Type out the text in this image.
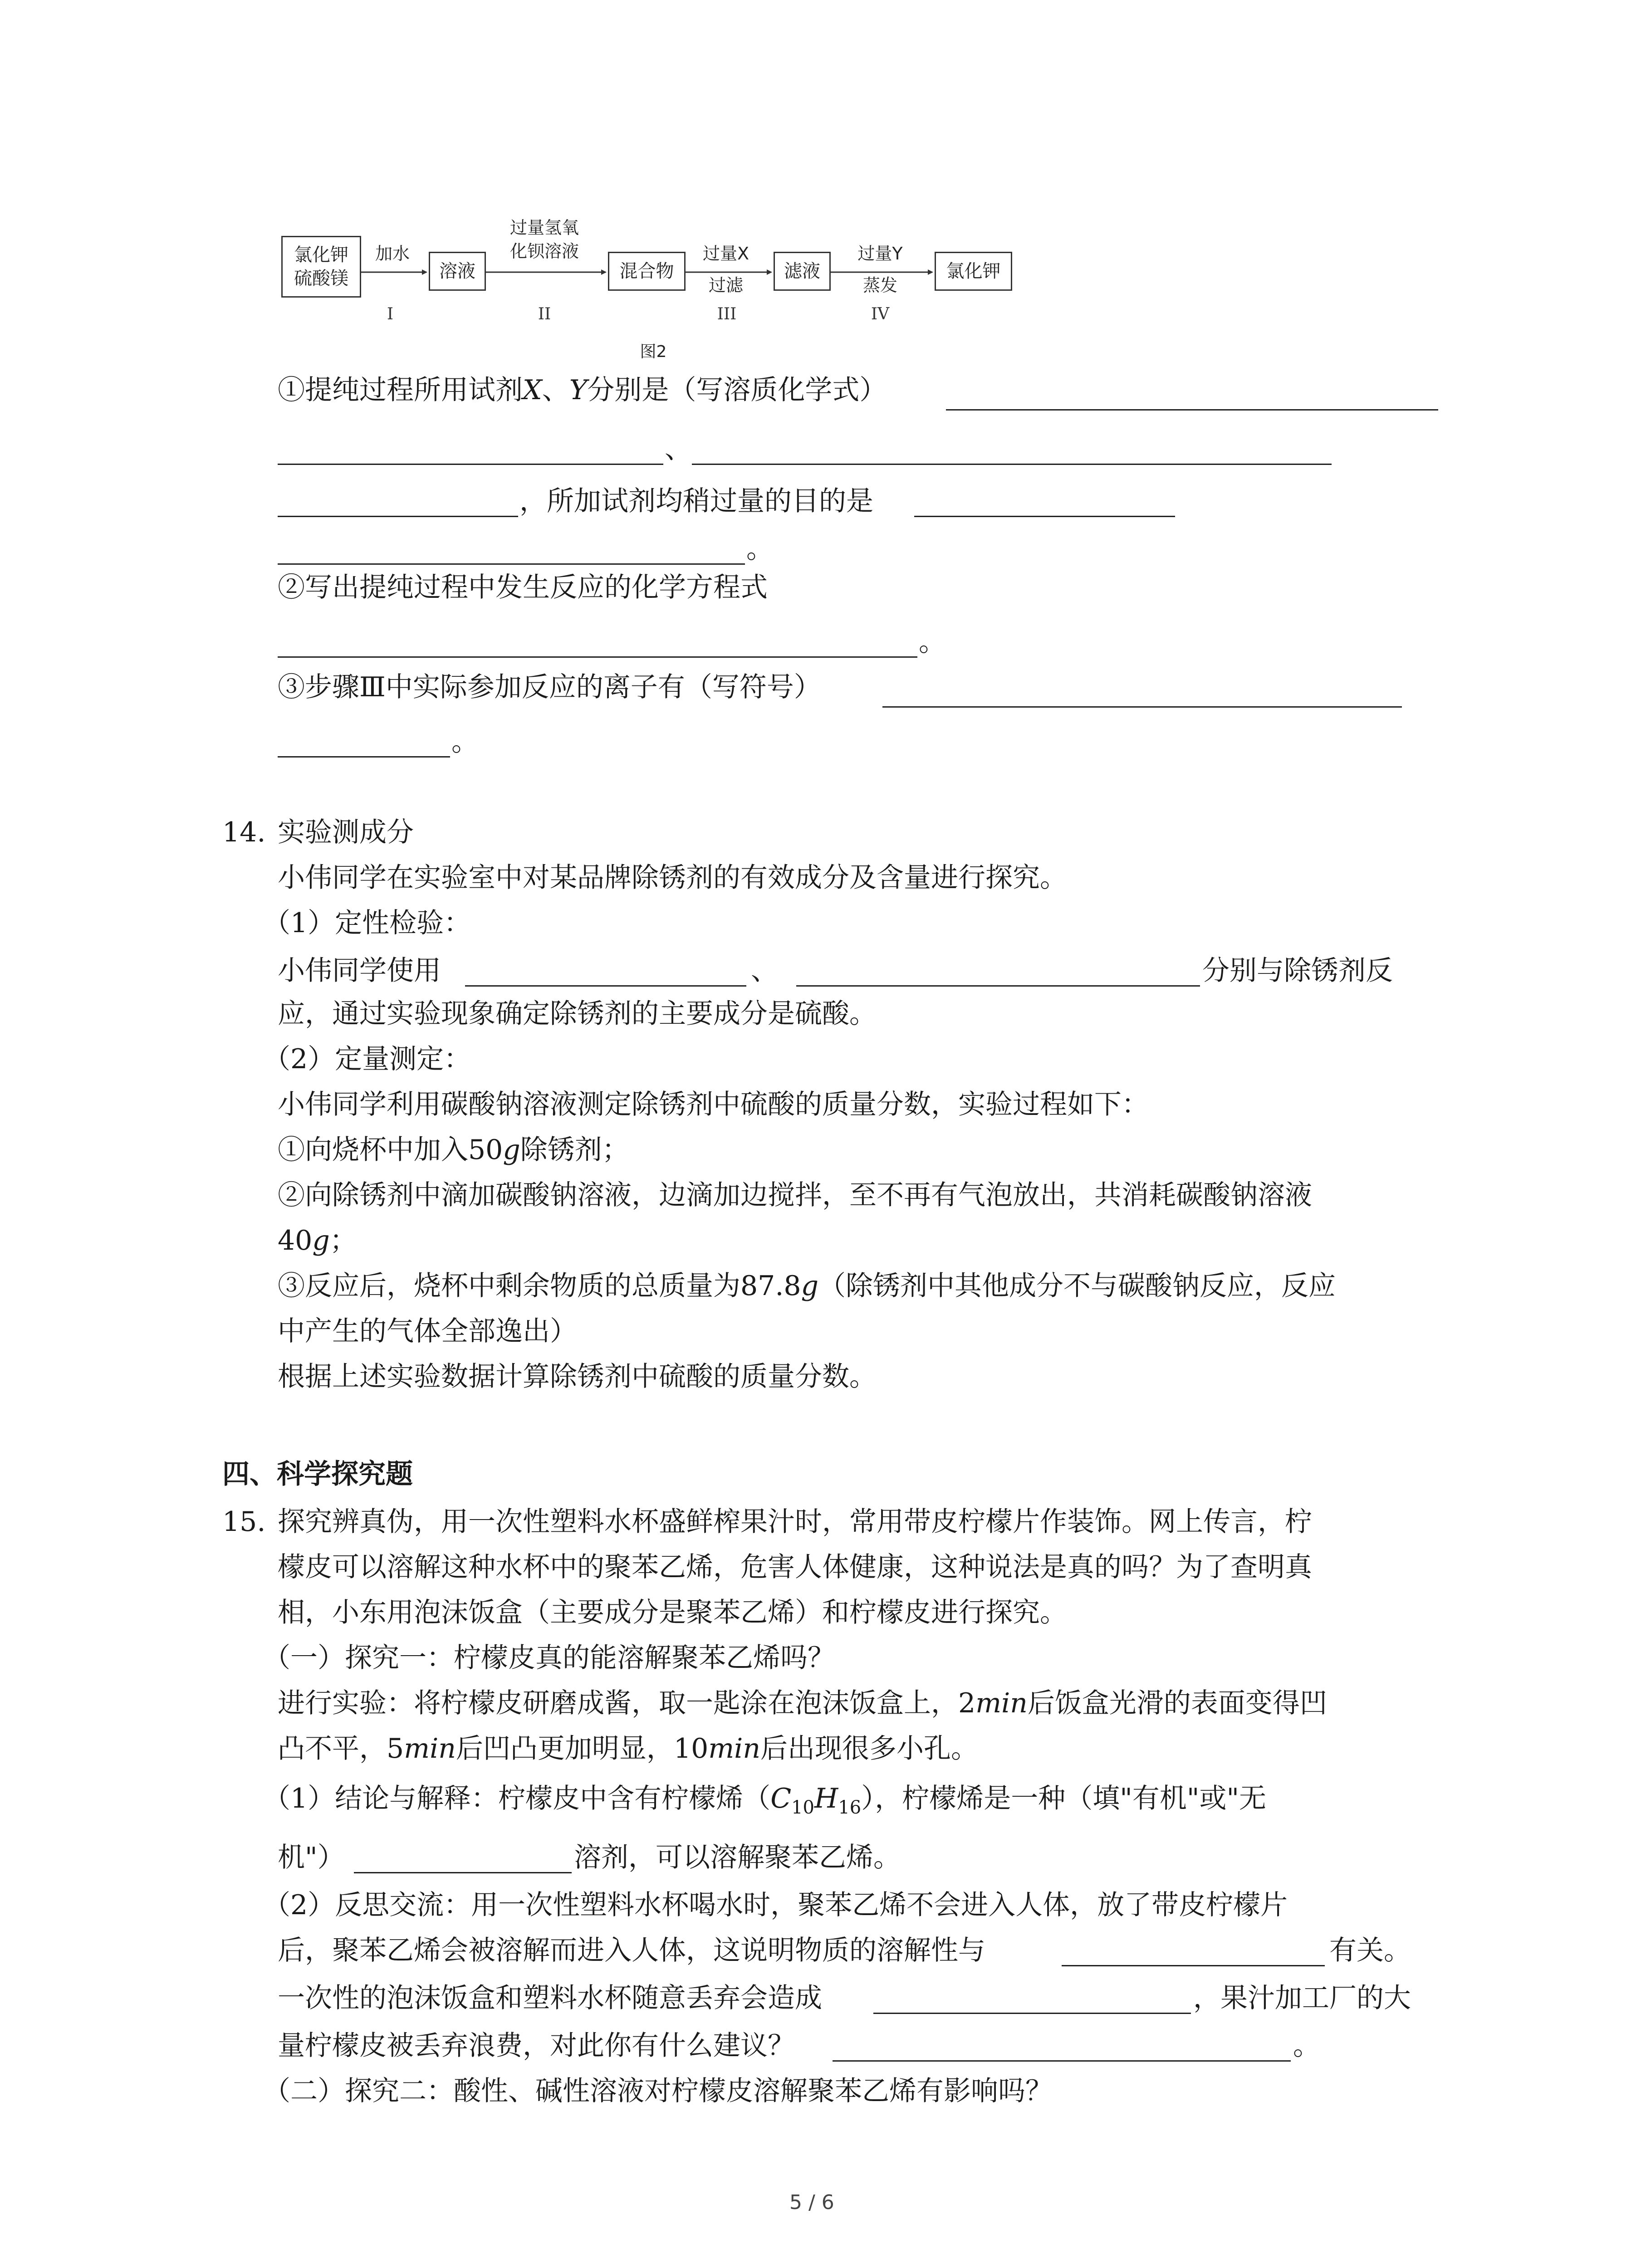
氯化钾
硫酸镁	溶液	混合物	滤液	氯化钾
加水
过量氢氧
化钡溶液	过量X
过滤
过量Y
蒸发
I	II	III	IV
图2
①提纯过程所用试剂X、Y分别是（写溶质化学式）
、
，所加试剂均稍过量的目的是
。
②写出提纯过程中发生反应的化学方程式
。
③步骤Ⅲ中实际参加反应的离子有（写符号）
。
14. 实验测成分
小伟同学在实验室中对某品牌除锈剂的有效成分及含量进行探究。
（1）定性检验：
小伟同学使用	、	分别与除锈剂反
应，通过实验现象确定除锈剂的主要成分是硫酸。
（2）定量测定：
小伟同学利用碳酸钠溶液测定除锈剂中硫酸的质量分数，实验过程如下：
①向烧杯中加入50g除锈剂；
②向除锈剂中滴加碳酸钠溶液，边滴加边搅拌，至不再有气泡放出，共消耗碳酸钠溶液
40g；
③反应后，烧杯中剩余物质的总质量为87.8g（除锈剂中其他成分不与碳酸钠反应，反应
中产生的气体全部逸出）
根据上述实验数据计算除锈剂中硫酸的质量分数。
四、科学探究题
15. 探究辨真伪，用一次性塑料水杯盛鲜榨果汁时，常用带皮柠檬片作装饰。网上传言，柠
檬皮可以溶解这种水杯中的聚苯乙烯，危害人体健康，这种说法是真的吗？为了查明真
相，小东用泡沫饭盒（主要成分是聚苯乙烯）和柠檬皮进行探究。
（一）探究一：柠檬皮真的能溶解聚苯乙烯吗？
进行实验：将柠檬皮研磨成酱，取一匙涂在泡沫饭盒上，2min后饭盒光滑的表面变得凹
凸不平，5min后凹凸更加明显，10min后出现很多小孔。
（1）结论与解释：柠檬皮中含有柠檬烯$(C_{10}H_{16})$，柠檬烯是一种（填"有机"或"无
机"）	溶剂，可以溶解聚苯乙烯。
（2）反思交流：用一次性塑料水杯喝水时，聚苯乙烯不会进入人体，放了带皮柠檬片
后，聚苯乙烯会被溶解而进入人体，这说明物质的溶解性与	有关。
一次性的泡沫饭盒和塑料水杯随意丢弃会造成	，果汁加工厂的大
量柠檬皮被丢弃浪费，对此你有什么建议？	。
（二）探究二：酸性、碱性溶液对柠檬皮溶解聚苯乙烯有影响吗？
5 / 6
